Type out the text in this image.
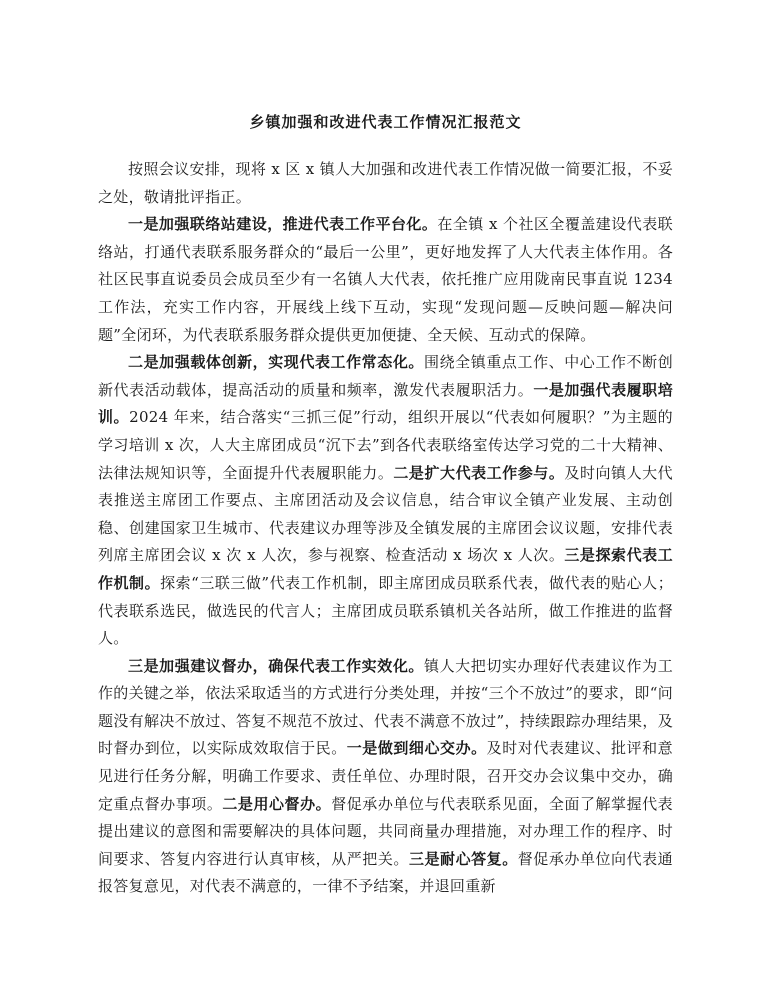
乡镇加强和改进代表工作情况汇报范文

按照会议安排，现将 x 区 x 镇人大加强和改进代表工作情况做一简要汇报，不妥之处，敬请批评指正。

一是加强联络站建设，推进代表工作平台化。在全镇 x 个社区全覆盖建设代表联络站，打通代表联系服务群众的“最后一公里”，更好地发挥了人大代表主体作用。各社区民事直说委员会成员至少有一名镇人大代表，依托推广应用陇南民事直说 1234 工作法，充实工作内容，开展线上线下互动，实现“发现问题—反映问题—解决问题”全闭环，为代表联系服务群众提供更加便捷、全天候、互动式的保障。

二是加强载体创新，实现代表工作常态化。围绕全镇重点工作、中心工作不断创新代表活动载体，提高活动的质量和频率，激发代表履职活力。一是加强代表履职培训。2024 年来，结合落实“三抓三促”行动，组织开展以“代表如何履职？”为主题的学习培训 x 次，人大主席团成员“沉下去”到各代表联络室传达学习党的二十大精神、法律法规知识等，全面提升代表履职能力。二是扩大代表工作参与。及时向镇人大代表推送主席团工作要点、主席团活动及会议信息，结合审议全镇产业发展、主动创稳、创建国家卫生城市、代表建议办理等涉及全镇发展的主席团会议议题，安排代表列席主席团会议 x 次 x 人次，参与视察、检查活动 x 场次 x 人次。三是探索代表工作机制。探索“三联三做”代表工作机制，即主席团成员联系代表，做代表的贴心人；代表联系选民，做选民的代言人；主席团成员联系镇机关各站所，做工作推进的监督人。

三是加强建议督办，确保代表工作实效化。镇人大把切实办理好代表建议作为工作的关键之举，依法采取适当的方式进行分类处理，并按“三个不放过”的要求，即“问题没有解决不放过、答复不规范不放过、代表不满意不放过”，持续跟踪办理结果，及时督办到位，以实际成效取信于民。一是做到细心交办。及时对代表建议、批评和意见进行任务分解，明确工作要求、责任单位、办理时限，召开交办会议集中交办，确定重点督办事项。二是用心督办。督促承办单位与代表联系见面，全面了解掌握代表提出建议的意图和需要解决的具体问题，共同商量办理措施，对办理工作的程序、时间要求、答复内容进行认真审核，从严把关。三是耐心答复。督促承办单位向代表通报答复意见，对代表不满意的，一律不予结案，并退回重新
